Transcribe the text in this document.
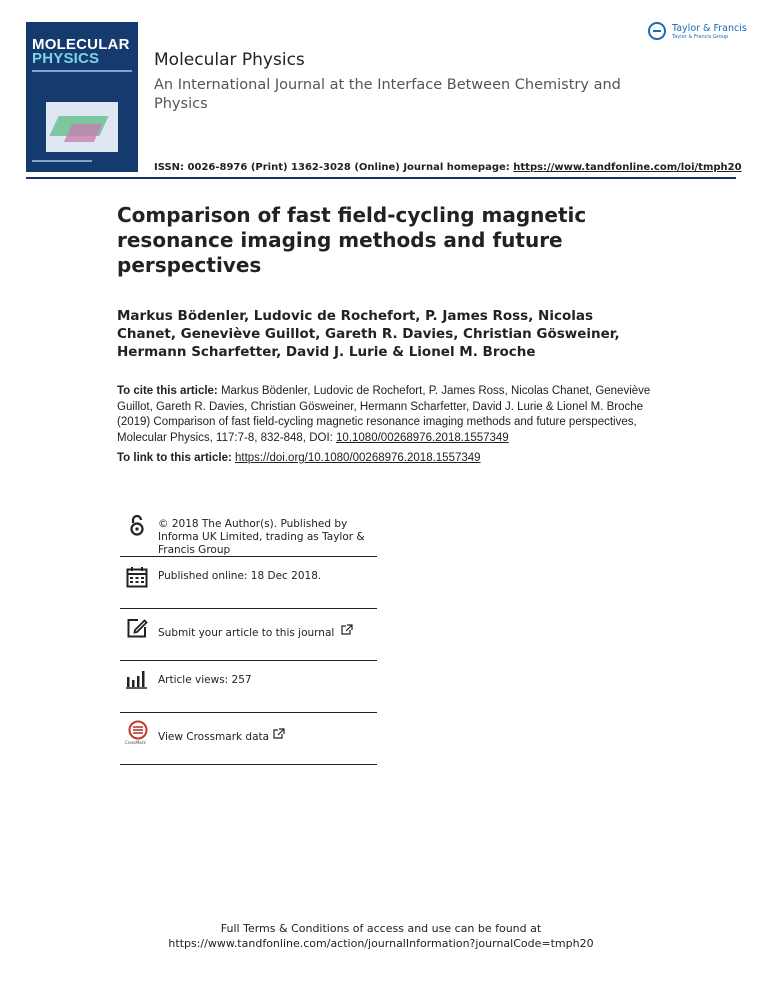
MOLECULAR
PHYSICS	Molecular Physics
An International Journal at the Interface Between Chemistry and Physics
ISSN: 0026-8976 (Print) 1362-3028 (Online) Journal homepage: https://www.tandfonline.com/loi/tmph20
Taylor & Francis
Taylor & Francis Group
Comparison of fast field-cycling magnetic resonance imaging methods and future perspectives
Markus Bödenler, Ludovic de Rochefort, P. James Ross, Nicolas Chanet, Geneviève Guillot, Gareth R. Davies, Christian Gösweiner, Hermann Scharfetter, David J. Lurie & Lionel M. Broche
To cite this article: Markus Bödenler, Ludovic de Rochefort, P. James Ross, Nicolas Chanet, Geneviève Guillot, Gareth R. Davies, Christian Gösweiner, Hermann Scharfetter, David J. Lurie & Lionel M. Broche (2019) Comparison of fast field-cycling magnetic resonance imaging methods and future perspectives, Molecular Physics, 117:7-8, 832-848, DOI: 10.1080/00268976.2018.1557349
To link to this article: https://doi.org/10.1080/00268976.2018.1557349
© 2018 The Author(s). Published by Informa UK Limited, trading as Taylor & Francis Group
Published online: 18 Dec 2018.
Submit your article to this journal
Article views: 257
CrossMark View Crossmark data
Full Terms & Conditions of access and use can be found at
https://www.tandfonline.com/action/journalInformation?journalCode=tmph20
